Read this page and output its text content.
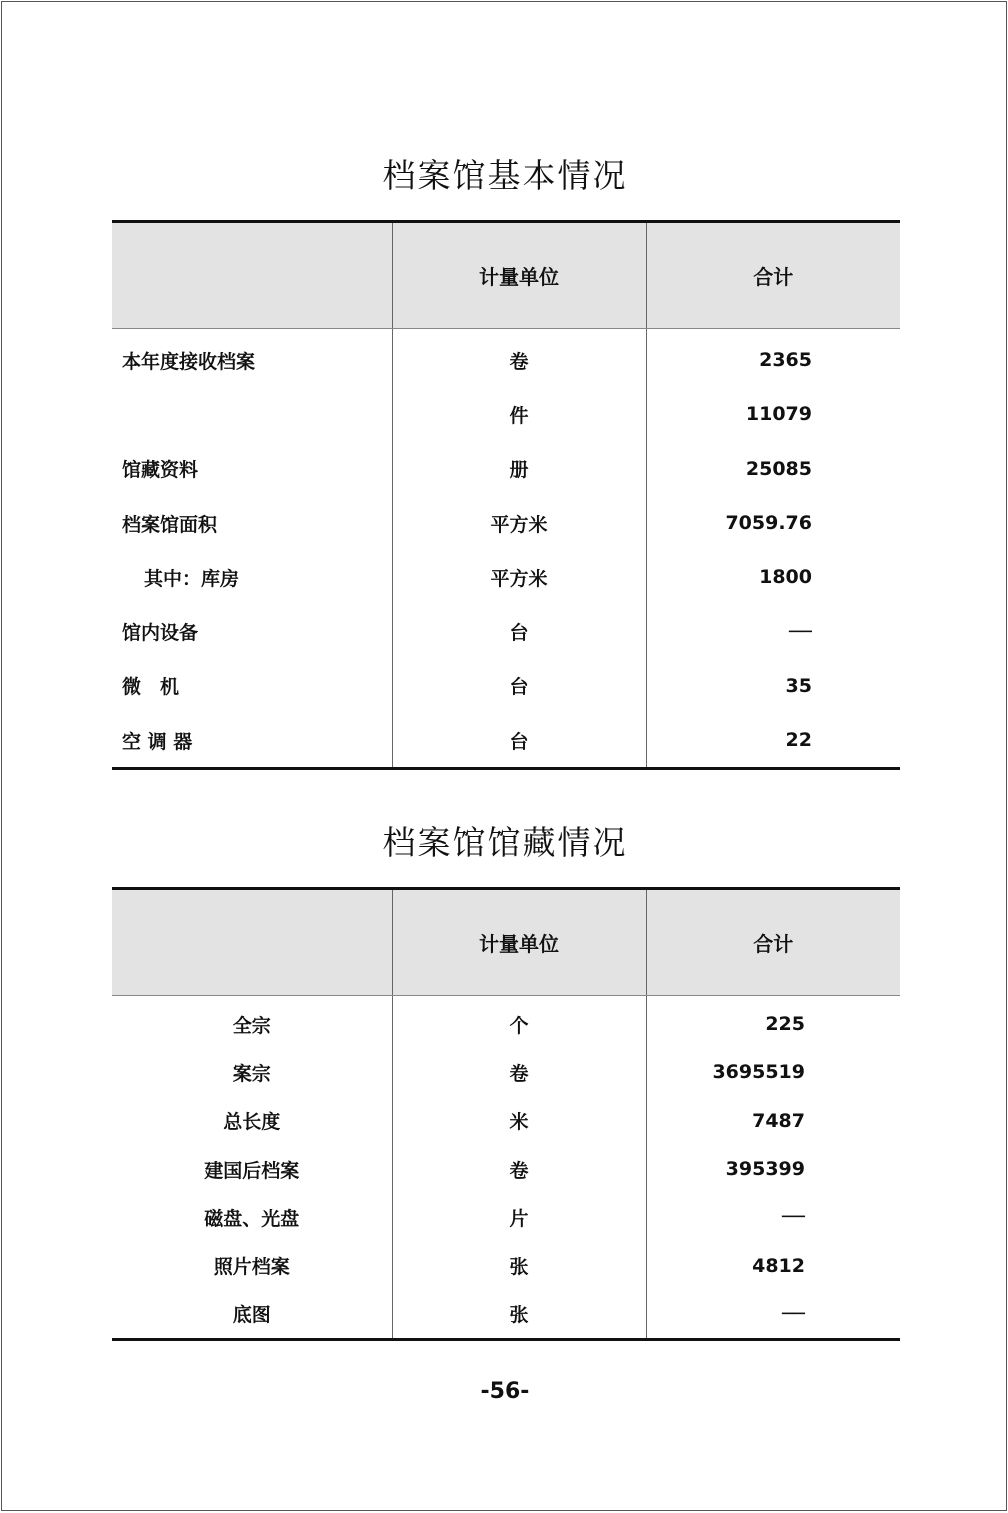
档案馆基本情况
	计量单位	合计
本年度接收档案	卷	2365
	件	11079
馆藏资料	册	25085
档案馆面积	平方米	7059.76
其中：库房	平方米	1800
馆内设备	台	──
微　机	台	35
空 调 器	台	22
档案馆馆藏情况
	计量单位	合计
全宗	个	225
案宗	卷	3695519
总长度	米	7487
建国后档案	卷	395399
磁盘、光盘	片	──
照片档案	张	4812
底图	张	──
-56-
